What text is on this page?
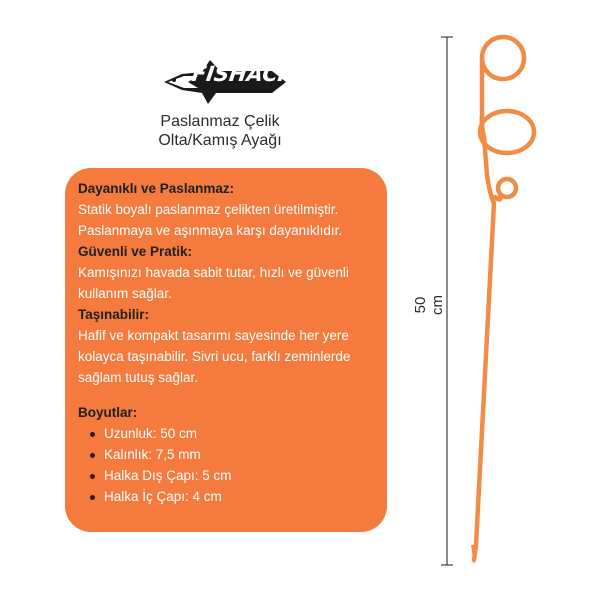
FISHACK
Paslanmaz Çelik
Olta/Kamış Ayağı
Dayanıklı ve Paslanmaz:

Statik boyalı paslanmaz çelikten üretilmiştir. Paslanmaya ve aşınmaya karşı dayanıklıdır.

Güvenli ve Pratik:

Kamışınızı havada sabit tutar, hızlı ve güvenli kullanım sağlar.

Taşınabilir:

Hafif ve kompakt tasarımı sayesinde her yere kolayca taşınabilir. Sivri ucu, farklı zeminlerde sağlam tutuş sağlar.

Boyutlar:
Uzunluk: 50 cm
Kalınlık: 7,5 mm
Halka Dış Çapı: 5 cm
Halka İç Çapı: 4 cm
50 cm
